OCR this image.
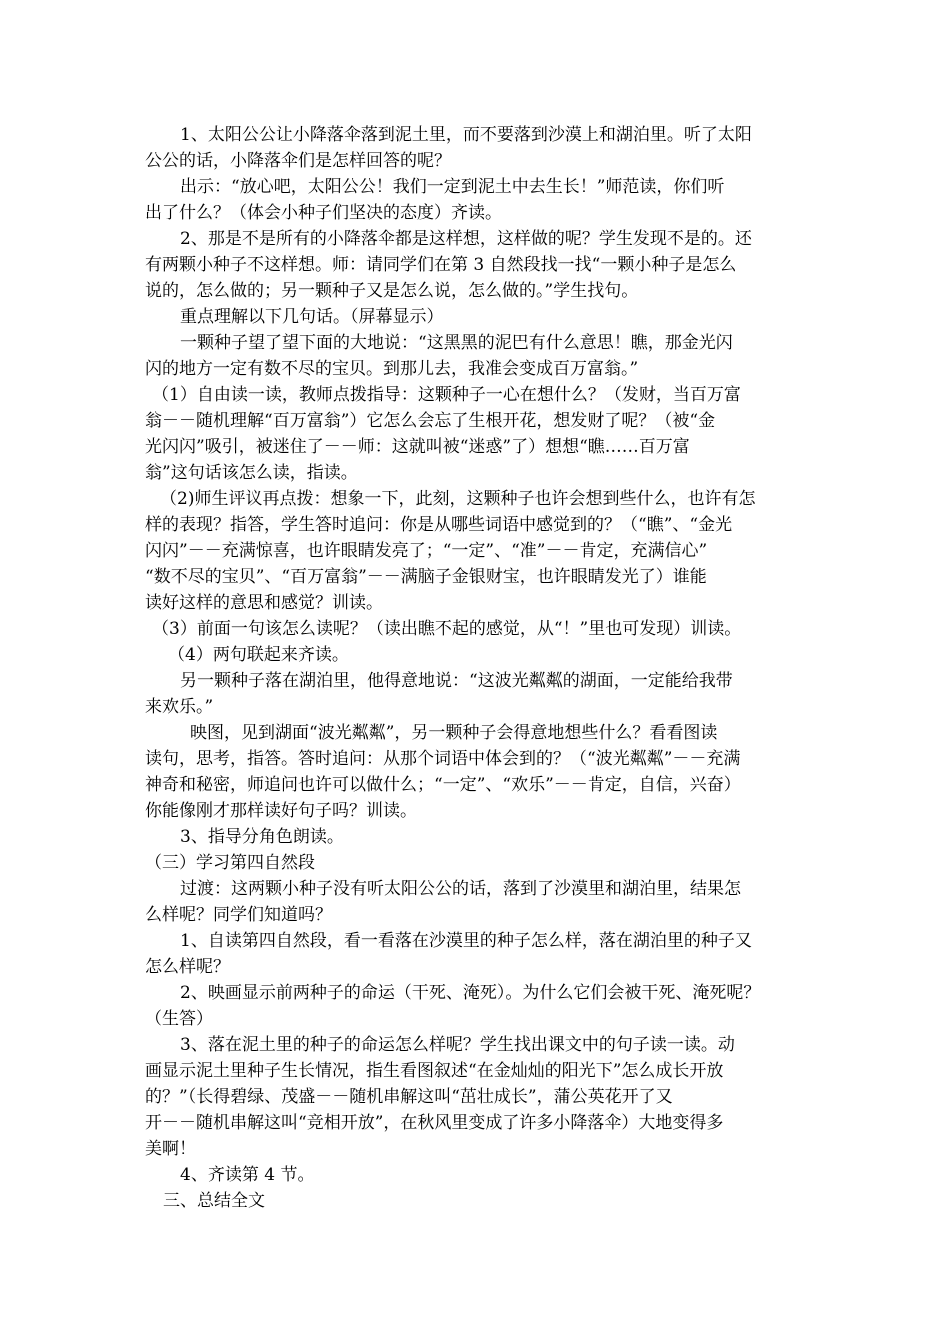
1、太阳公公让小降落伞落到泥土里，而不要落到沙漠上和湖泊里。听了太阳
公公的话，小降落伞们是怎样回答的呢？
出示：“放心吧，太阳公公！我们一定到泥土中去生长！”师范读，你们听
出了什么？（体会小种子们坚决的态度）齐读。
2、那是不是所有的小降落伞都是这样想，这样做的呢？学生发现不是的。还
有两颗小种子不这样想。师：请同学们在第 3 自然段找一找“一颗小种子是怎么
说的，怎么做的；另一颗种子又是怎么说，怎么做的。”学生找句。
重点理解以下几句话。（屏幕显示）
一颗种子望了望下面的大地说：“这黑黑的泥巴有什么意思！瞧，那金光闪
闪的地方一定有数不尽的宝贝。到那儿去，我准会变成百万富翁。”
（1）自由读一读，教师点拨指导：这颗种子一心在想什么？（发财，当百万富
翁－－随机理解“百万富翁”）它怎么会忘了生根开花，想发财了呢？（被“金
光闪闪”吸引，被迷住了－－师：这就叫被“迷惑”了）想想“瞧……百万富
翁”这句话该怎么读，指读。
（2)师生评议再点拨：想象一下，此刻，这颗种子也许会想到些什么，也许有怎
样的表现？指答，学生答时追问：你是从哪些词语中感觉到的？（“瞧”、“金光
闪闪”－－充满惊喜，也许眼睛发亮了；“一定”、“准”－－肯定，充满信心”
“数不尽的宝贝”、“百万富翁”－－满脑子金银财宝，也许眼睛发光了）谁能
读好这样的意思和感觉？训读。
（3）前面一句该怎么读呢？（读出瞧不起的感觉，从“！”里也可发现）训读。
（4）两句联起来齐读。
另一颗种子落在湖泊里，他得意地说：“这波光粼粼的湖面，一定能给我带
来欢乐。”
映图，见到湖面“波光粼粼”，另一颗种子会得意地想些什么？看看图读
读句，思考，指答。答时追问：从那个词语中体会到的？（“波光粼粼”－－充满
神奇和秘密，师追问也许可以做什么；“一定”、“欢乐”－－肯定，自信，兴奋）
你能像刚才那样读好句子吗？训读。
3、指导分角色朗读。
（三）学习第四自然段
过渡：这两颗小种子没有听太阳公公的话，落到了沙漠里和湖泊里，结果怎
么样呢？同学们知道吗？
1、自读第四自然段，看一看落在沙漠里的种子怎么样，落在湖泊里的种子又
怎么样呢？
2、映画显示前两种子的命运（干死、淹死）。为什么它们会被干死、淹死呢？
（生答）
3、落在泥土里的种子的命运怎么样呢？学生找出课文中的句子读一读。动
画显示泥土里种子生长情况，指生看图叙述“在金灿灿的阳光下”怎么成长开放
的？”（长得碧绿、茂盛－－随机串解这叫“茁壮成长”，蒲公英花开了又
开－－随机串解这叫“竞相开放”，在秋风里变成了许多小降落伞）大地变得多
美啊！
4、齐读第 4 节。
三、总结全文
